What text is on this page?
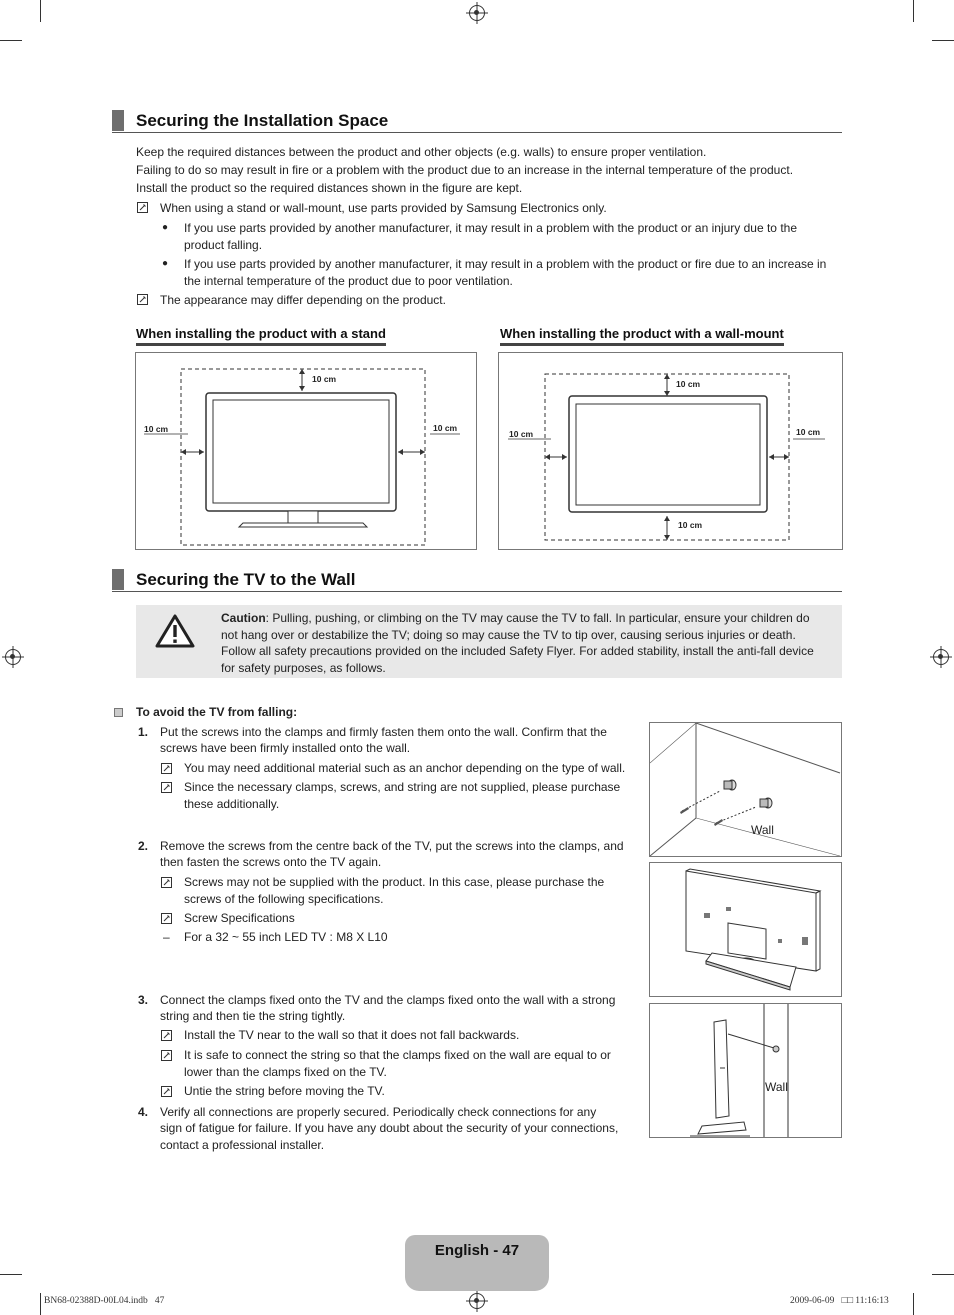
Securing the Installation Space
Keep the required distances between the product and other objects (e.g. walls) to ensure proper ventilation.
Failing to do so may result in fire or a problem with the product due to an increase in the internal temperature of the product.
Install the product so the required distances shown in the figure are kept.
When using a stand or wall-mount, use parts provided by Samsung Electronics only.
● If you use parts provided by another manufacturer, it may result in a problem with the product or an injury due to the
product falling.
● If you use parts provided by another manufacturer, it may result in a problem with the product or fire due to an increase in
the internal temperature of the product due to poor ventilation.
The appearance may differ depending on the product.
When installing the product with a stand	When installing the product with a wall-mount
10 cm
10 cm	10 cm
10 cm
10 cm	10 cm
10 cm
Securing the TV to the Wall
Caution: Pulling, pushing, or climbing on the TV may cause the TV to fall. In particular, ensure your children do
not hang over or destabilize the TV; doing so may cause the TV to tip over, causing serious injuries or death.
Follow all safety precautions provided on the included Safety Flyer. For added stability, install the anti-fall device
for safety purposes, as follows.
To avoid the TV from falling:
1. Put the screws into the clamps and firmly fasten them onto the wall. Confirm that the
screws have been firmly installed onto the wall.
You may need additional material such as an anchor depending on the type of wall.
Since the necessary clamps, screws, and string are not supplied, please purchase
these additionally.
2. Remove the screws from the centre back of the TV, put the screws into the clamps, and
then fasten the screws onto the TV again.
Screws may not be supplied with the product. In this case, please purchase the
screws of the following specifications.
Screw Specifications
– For a 32 ~ 55 inch LED TV : M8 X L10
3. Connect the clamps fixed onto the TV and the clamps fixed onto the wall with a strong
string and then tie the string tightly.
Install the TV near to the wall so that it does not fall backwards.
It is safe to connect the string so that the clamps fixed on the wall are equal to or
lower than the clamps fixed on the TV.
Untie the string before moving the TV.
4. Verify all connections are properly secured. Periodically check connections for any
sign of fatigue for failure. If you have any doubt about the security of your connections,
contact a professional installer.
Wall
Wall
English - 47
BN68-02388D-00L04.indb   47	2009-06-09   □□ 11:16:13
